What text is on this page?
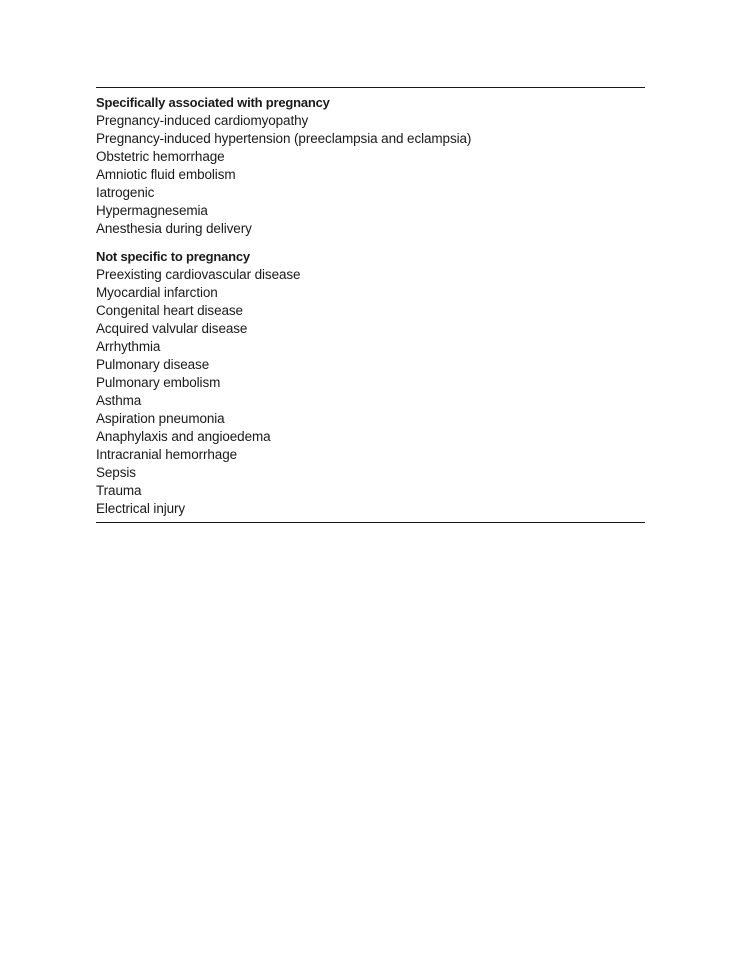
Specifically associated with pregnancy
Pregnancy-induced cardiomyopathy
Pregnancy-induced hypertension (preeclampsia and eclampsia)
Obstetric hemorrhage
Amniotic fluid embolism
Iatrogenic
Hypermagnesemia
Anesthesia during delivery
Not specific to pregnancy
Preexisting cardiovascular disease
Myocardial infarction
Congenital heart disease
Acquired valvular disease
Arrhythmia
Pulmonary disease
Pulmonary embolism
Asthma
Aspiration pneumonia
Anaphylaxis and angioedema
Intracranial hemorrhage
Sepsis
Trauma
Electrical injury
